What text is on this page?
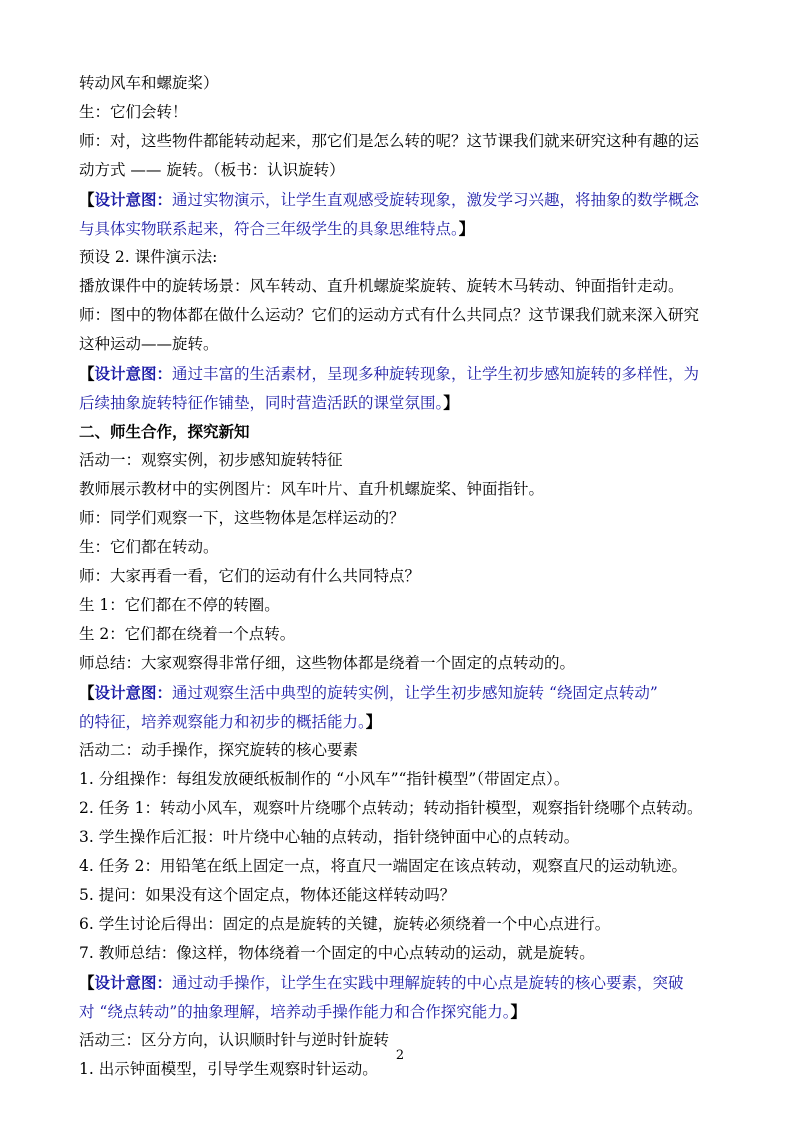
转动风车和螺旋桨）
生：它们会转！
师：对，这些物件都能转动起来，那它们是怎么转的呢？这节课我们就来研究这种有趣的运
动方式 —— 旋转。（板书：认识旋转）
【设计意图：通过实物演示，让学生直观感受旋转现象，激发学习兴趣，将抽象的数学概念
与具体实物联系起来，符合三年级学生的具象思维特点。】
预设 2. 课件演示法:
播放课件中的旋转场景：风车转动、直升机螺旋桨旋转、旋转木马转动、钟面指针走动。
师：图中的物体都在做什么运动？它们的运动方式有什么共同点？这节课我们就来深入研究
这种运动——旋转。
【设计意图：通过丰富的生活素材，呈现多种旋转现象，让学生初步感知旋转的多样性，为
后续抽象旋转特征作铺垫，同时营造活跃的课堂氛围。】
二、师生合作，探究新知
活动一：观察实例，初步感知旋转特征
教师展示教材中的实例图片：风车叶片、直升机螺旋桨、钟面指针。
师：同学们观察一下，这些物体是怎样运动的？
生：它们都在转动。
师：大家再看一看，它们的运动有什么共同特点？
生 1：它们都在不停的转圈。
生 2：它们都在绕着一个点转。
师总结：大家观察得非常仔细，这些物体都是绕着一个固定的点转动的。
【设计意图：通过观察生活中典型的旋转实例，让学生初步感知旋转 “绕固定点转动”
的特征，培养观察能力和初步的概括能力。】
活动二：动手操作，探究旋转的核心要素
1. 分组操作：每组发放硬纸板制作的 “小风车”“指针模型”（带固定点）。
2. 任务 1：转动小风车，观察叶片绕哪个点转动；转动指针模型，观察指针绕哪个点转动。
3. 学生操作后汇报：叶片绕中心轴的点转动，指针绕钟面中心的点转动。
4. 任务 2：用铅笔在纸上固定一点，将直尺一端固定在该点转动，观察直尺的运动轨迹。
5. 提问：如果没有这个固定点，物体还能这样转动吗？
6. 学生讨论后得出：固定的点是旋转的关键，旋转必须绕着一个中心点进行。
7. 教师总结：像这样，物体绕着一个固定的中心点转动的运动，就是旋转。
【设计意图：通过动手操作，让学生在实践中理解旋转的中心点是旋转的核心要素，突破
对 “绕点转动”的抽象理解，培养动手操作能力和合作探究能力。】
活动三：区分方向，认识顺时针与逆时针旋转
1. 出示钟面模型，引导学生观察时针运动。
2
